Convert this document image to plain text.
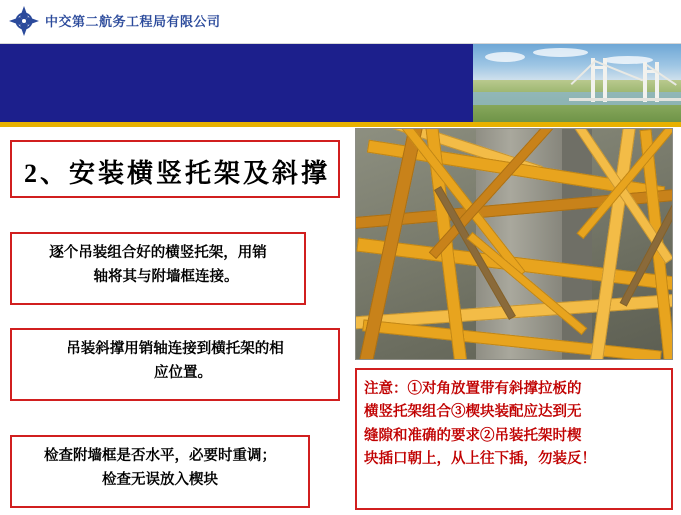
中交第二航务工程局有限公司
2、安装横竖托架及斜撑
逐个吊装组合好的横竖托架，用销
轴将其与附墙框连接。
吊装斜撑用销轴连接到横托架的相
应位置。
检查附墙框是否水平，必要时重调；
检查无误放入楔块
注意：①对角放置带有斜撑拉板的
横竖托架组合③楔块装配应达到无
缝隙和准确的要求②吊装托架时楔
块插口朝上，从上往下插，勿装反！
